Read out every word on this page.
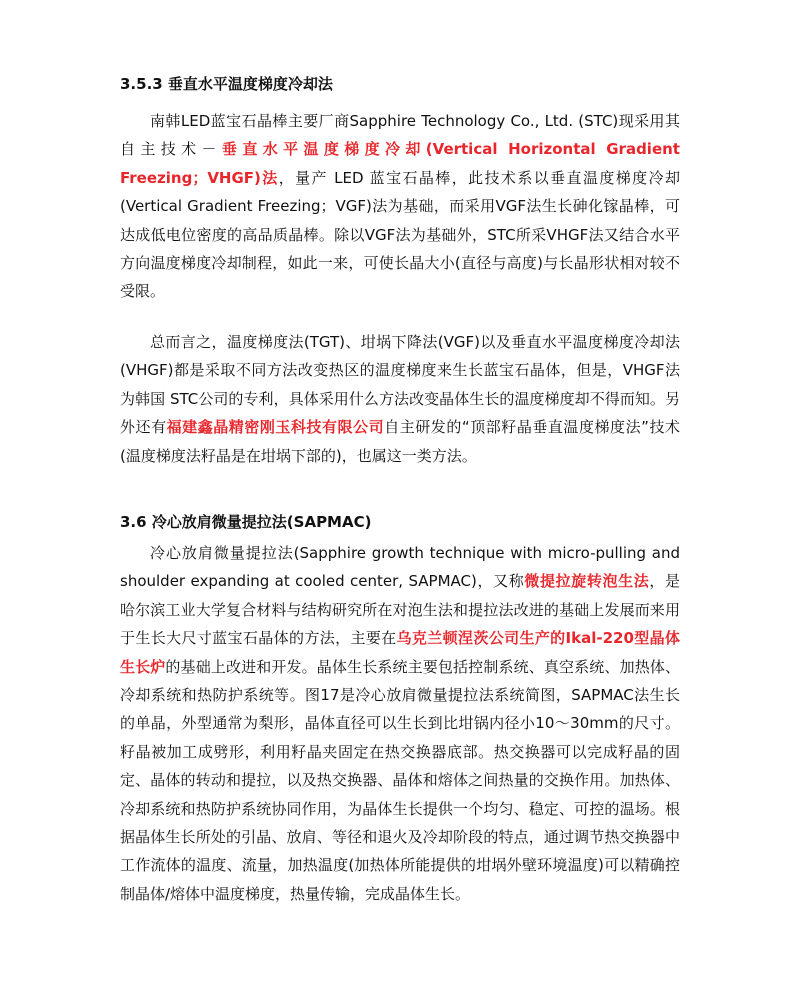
3.5.3 垂直水平温度梯度冷却法

南韩LED蓝宝石晶棒主要厂商Sapphire Technology Co., Ltd. (STC)现采用其自主技术－垂直水平温度梯度冷却(Vertical Horizontal Gradient Freezing；VHGF)法，量产 LED 蓝宝石晶棒，此技术系以垂直温度梯度冷却(Vertical Gradient Freezing；VGF)法为基础，而采用VGF法生长砷化镓晶棒，可达成低电位密度的高品质晶棒。除以VGF法为基础外，STC所采VHGF法又结合水平方向温度梯度冷却制程，如此一来，可使长晶大小(直径与高度)与长晶形状相对较不受限。

总而言之，温度梯度法(TGT)、坩埚下降法(VGF)以及垂直水平温度梯度冷却法(VHGF)都是采取不同方法改变热区的温度梯度来生长蓝宝石晶体，但是，VHGF法为韩国 STC公司的专利，具体采用什么方法改变晶体生长的温度梯度却不得而知。另外还有福建鑫晶精密刚玉科技有限公司自主研发的“顶部籽晶垂直温度梯度法”技术(温度梯度法籽晶是在坩埚下部的)，也属这一类方法。

3.6 冷心放肩微量提拉法(SAPMAC)

冷心放肩微量提拉法(Sapphire growth technique with micro-pulling and shoulder expanding at cooled center, SAPMAC)，又称微提拉旋转泡生法，是哈尔滨工业大学复合材料与结构研究所在对泡生法和提拉法改进的基础上发展而来用于生长大尺寸蓝宝石晶体的方法，主要在乌克兰顿涅茨公司生产的Ikal-220型晶体生长炉的基础上改进和开发。晶体生长系统主要包括控制系统、真空系统、加热体、冷却系统和热防护系统等。图17是冷心放肩微量提拉法系统简图，SAPMAC法生长的单晶，外型通常为梨形，晶体直径可以生长到比坩锅内径小10～30mm的尺寸。籽晶被加工成劈形，利用籽晶夹固定在热交换器底部。热交换器可以完成籽晶的固定、晶体的转动和提拉，以及热交换器、晶体和熔体之间热量的交换作用。加热体、冷却系统和热防护系统协同作用，为晶体生长提供一个均匀、稳定、可控的温场。根据晶体生长所处的引晶、放肩、等径和退火及冷却阶段的特点，通过调节热交换器中工作流体的温度、流量，加热温度(加热体所能提供的坩埚外壁环境温度)可以精确控制晶体/熔体中温度梯度，热量传输，完成晶体生长。
